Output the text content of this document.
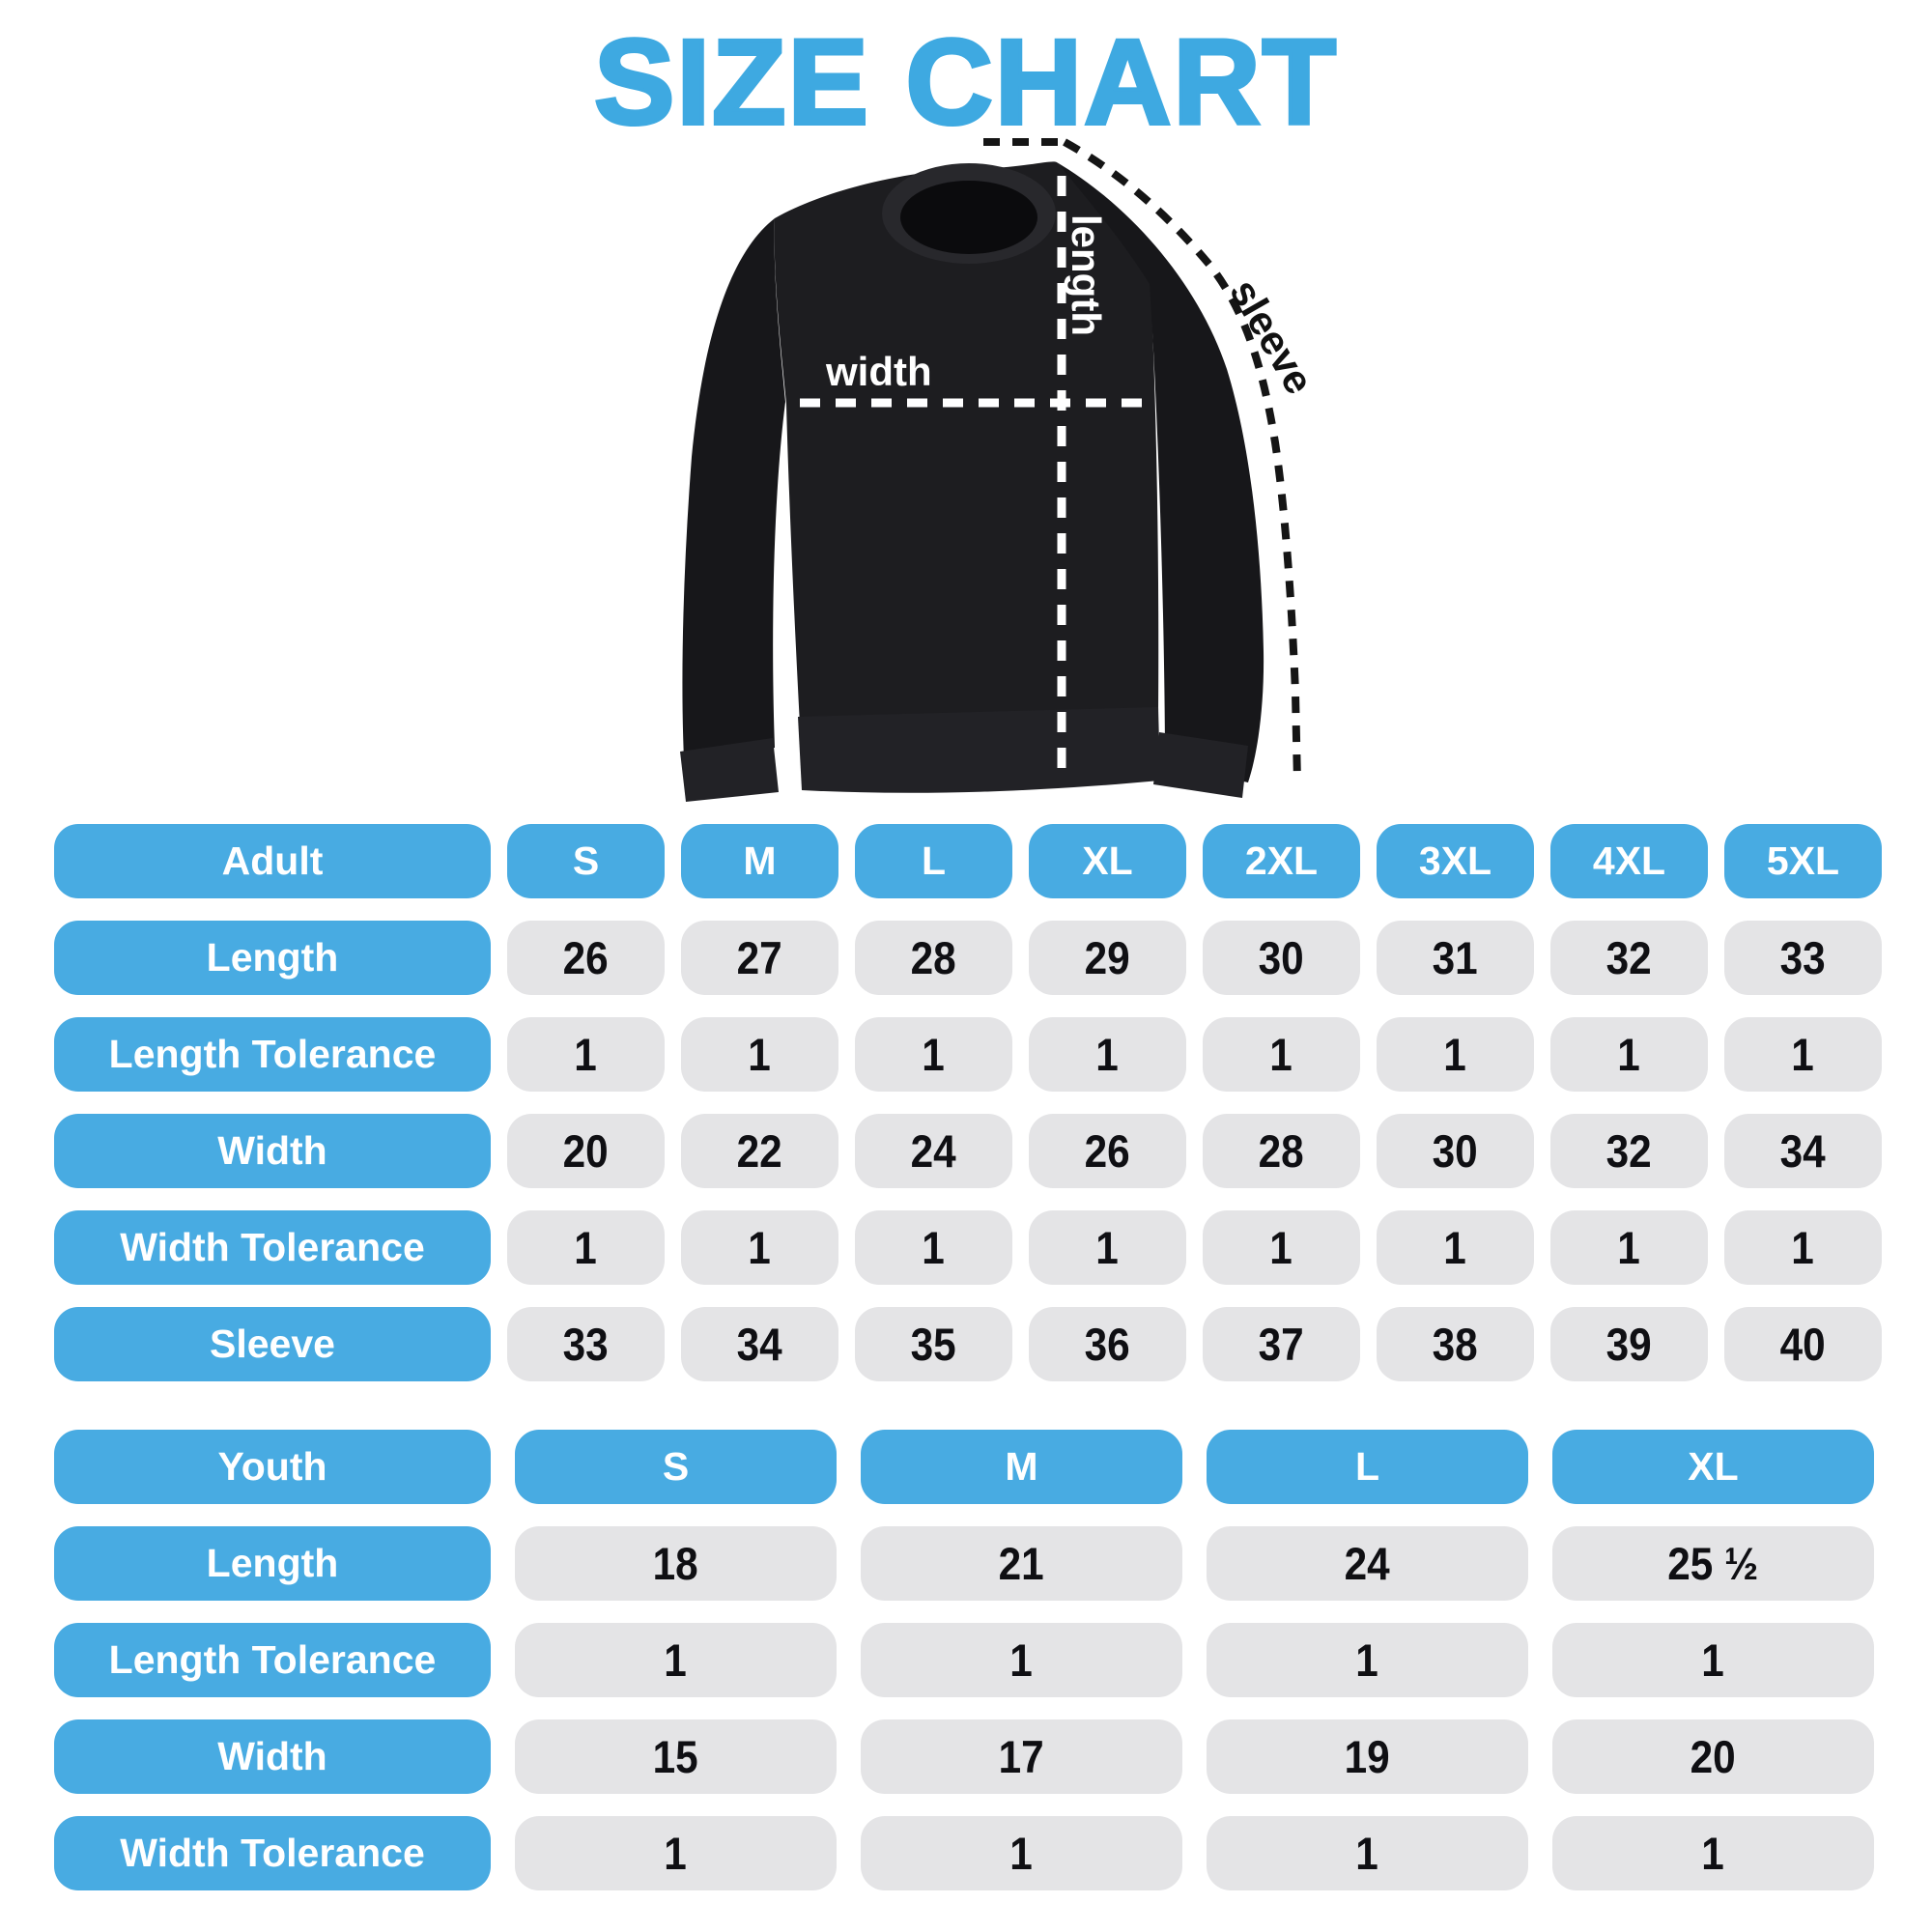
SIZE CHART
width
length	sleeve
Adult	S	M	L	XL	2XL	3XL	4XL	5XL
Length	26	27	28	29	30	31	32	33
Length Tolerance	1	1	1	1	1	1	1	1
Width	20	22	24	26	28	30	32	34
Width Tolerance	1	1	1	1	1	1	1	1
Sleeve	33	34	35	36	37	38	39	40
Youth	S	M	L	XL
Length	18	21	24	25 ½
Length Tolerance	1	1	1	1
Width	15	17	19	20
Width Tolerance	1	1	1	1
